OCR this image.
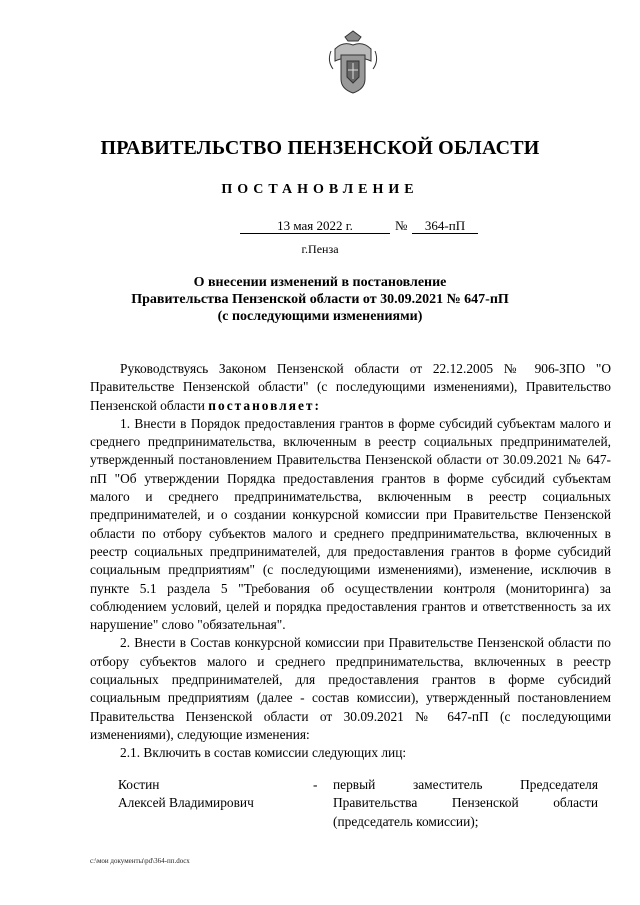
ПРАВИТЕЛЬСТВО ПЕНЗЕНСКОЙ ОБЛАСТИ
ПОСТАНОВЛЕНИЕ
13 мая 2022 г.	№	364-пП
г.Пенза
О внесении изменений в постановление
Правительства Пензенской области от 30.09.2021 № 647-пП
(с последующими изменениями)

Руководствуясь Законом Пензенской области от 22.12.2005 № 906-ЗПО "О Правительстве Пензенской области" (с последующими изменениями), Правительство Пензенской области постановляет:

1. Внести в Порядок предоставления грантов в форме субсидий субъектам малого и среднего предпринимательства, включенным в реестр социальных предпринимателей, утвержденный постановлением Правительства Пензенской области от 30.09.2021 № 647-пП "Об утверждении Порядка предоставления грантов в форме субсидий субъектам малого и среднего предпринимательства, включенным в реестр социальных предпринимателей, и о создании конкурсной комиссии при Правительстве Пензенской области по отбору субъектов малого и среднего предпринимательства, включенных в реестр социальных предпринимателей, для предоставления грантов в форме субсидий социальным предприятиям" (с последующими изменениями), изменение, исключив в пункте 5.1 раздела 5 "Требования об осуществлении контроля (мониторинга) за соблюдением условий, целей и порядка предоставления грантов и ответственность за их нарушение" слово "обязательная".

2. Внести в Состав конкурсной комиссии при Правительстве Пензенской области по отбору субъектов малого и среднего предпринимательства, включенных в реестр социальных предпринимателей, для предоставления грантов в форме субсидий социальным предприятиям (далее - состав комиссии), утвержденный постановлением Правительства Пензенской области от 30.09.2021 № 647-пП (с последующими изменениями), следующие изменения:

2.1. Включить в состав комиссии следующих лиц:

Костин
Алексей Владимирович
- первый заместитель Председателя Правительства Пензенской области (председатель комиссии);
c:\мои документы\pd\364-пп.docx
